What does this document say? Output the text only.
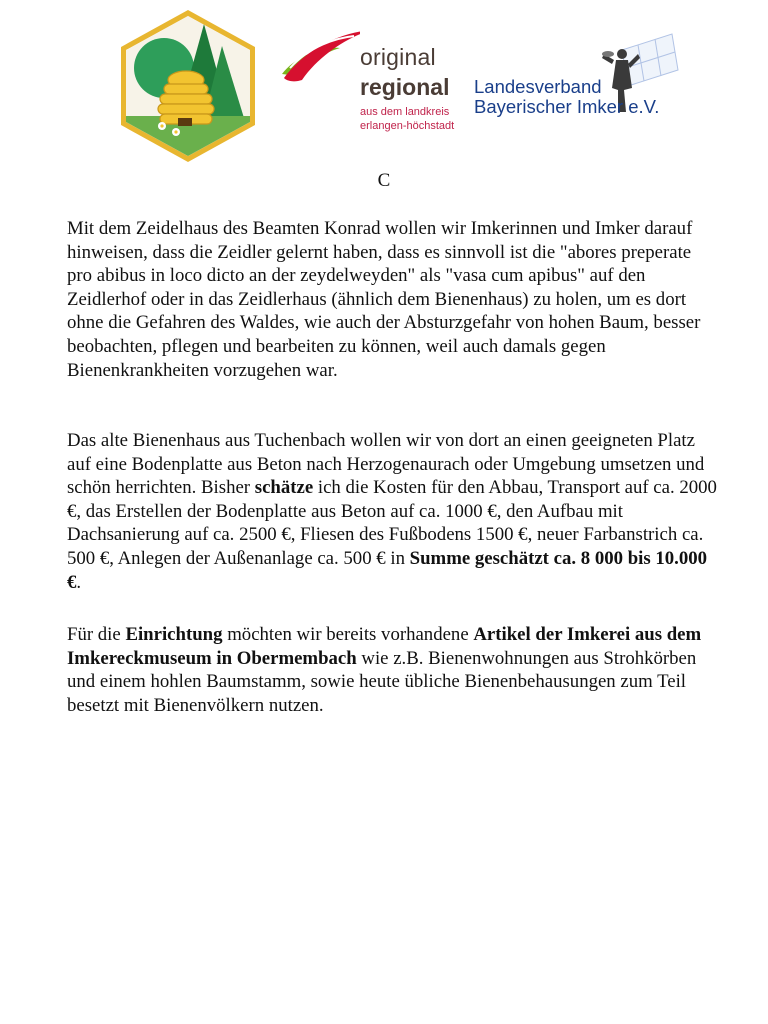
original
regional
aus dem landkreis
erlangen-höchstadt
Landesverband
Bayerischer Imker e.V.
C

Mit dem Zeidelhaus des Beamten Konrad wollen wir Imkerinnen und Imker darauf hinweisen, dass die Zeidler gelernt haben, dass es sinnvoll ist die "abores preperate pro abibus in loco dicto an der zeydelweyden" als "vasa cum apibus" auf den Zeidlerhof oder in das Zeidlerhaus (ähnlich dem Bienenhaus) zu holen, um es dort ohne die Gefahren des Waldes, wie auch der Absturzgefahr von hohen Baum, besser beobachten, pflegen und bearbeiten zu können, weil auch damals gegen Bienenkrankheiten vorzugehen war.

Das alte Bienenhaus aus Tuchenbach wollen wir von dort an einen geeigneten Platz auf eine Bodenplatte aus Beton nach Herzogenaurach oder Umgebung umsetzen und schön herrichten. Bisher schätze ich die Kosten für den Abbau, Transport auf ca. 2000 €, das Erstellen der Bodenplatte aus Beton auf ca. 1000 €, den Aufbau mit Dachsanierung auf ca. 2500 €, Fliesen des Fußbodens 1500 €, neuer Farbanstrich ca. 500 €, Anlegen der Außenanlage ca. 500 € in Summe geschätzt ca. 8 000 bis 10.000 €.

Für die Einrichtung möchten wir bereits vorhandene Artikel der Imkerei aus dem Imkereckmuseum in Obermembach wie z.B. Bienenwohnungen aus Strohkörben und einem hohlen Baumstamm, sowie heute übliche Bienenbehausungen zum Teil besetzt mit Bienenvölkern nutzen.
